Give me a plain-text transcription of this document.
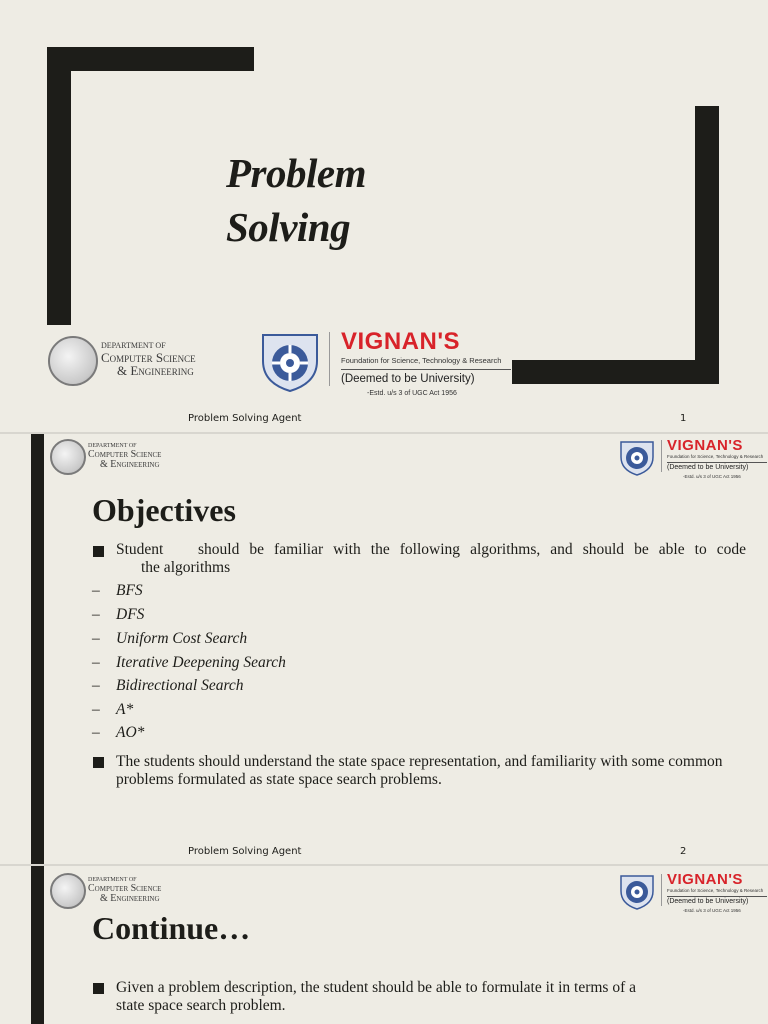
Problem
Solving
DEPARTMENT OF
Computer Science
& Engineering
VIGNAN'S
Foundation for Science, Technology & Research
(Deemed to be University)
-Estd. u/s 3 of UGC Act 1956
Problem Solving Agent	1
DEPARTMENT OF
Computer Science
& Engineering
VIGNAN'S
Foundation for Science, Technology & Research
(Deemed to be University)
-Estd. u/s 3 of UGC Act 1956
Objectives
Student	should be familiar with the following algorithms, and should be able to code
the algorithms
– BFS
– DFS
– Uniform Cost Search
– Iterative Deepening Search
– Bidirectional Search
– A*
– AO*
The students should understand the state space representation, and familiarity with some common
problems formulated as state space search problems.
Problem Solving Agent	2
DEPARTMENT OF
Computer Science
& Engineering
VIGNAN'S
Foundation for Science, Technology & Research
(Deemed to be University)
-Estd. u/s 3 of UGC Act 1956
Continue…
Given a problem description, the student should be able to formulate it in terms of a
state space search problem.
